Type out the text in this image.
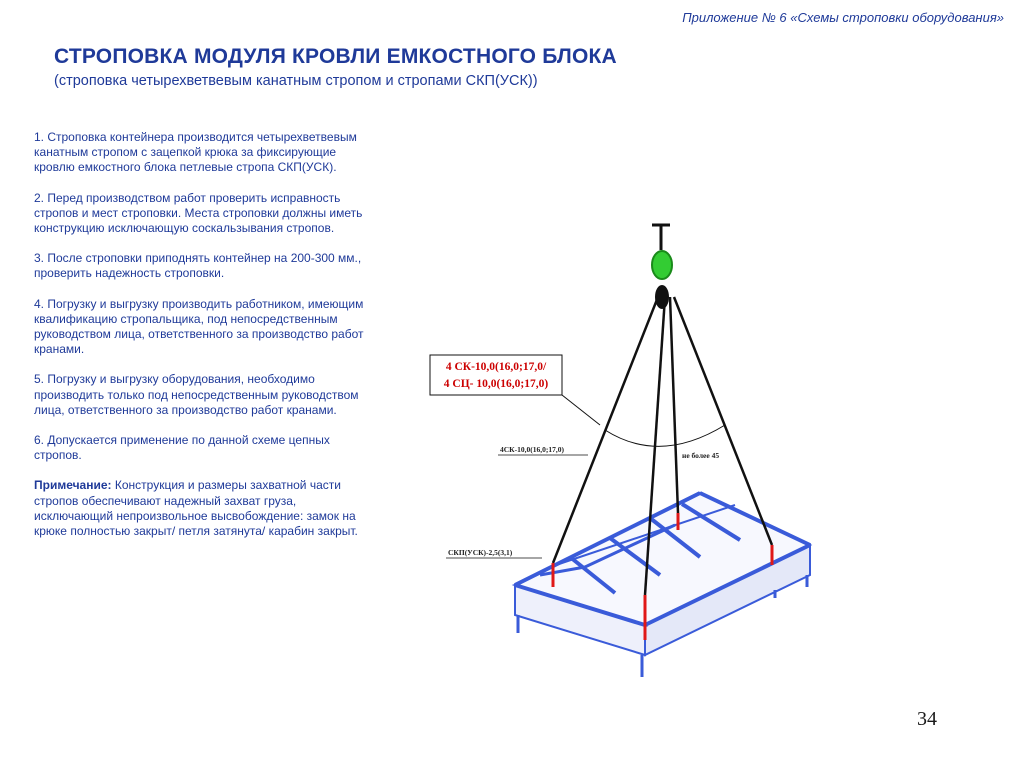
Приложение № 6 «Схемы строповки оборудования»
СТРОПОВКА МОДУЛЯ КРОВЛИ ЕМКОСТНОГО БЛОКА
(строповка четырехветвевым канатным стропом и стропами СКП(УСК))

1. Строповка контейнера производится четырехветвевым канатным стропом с зацепкой крюка за фиксирующие кровлю емкостного блока петлевые стропа СКП(УСК).

2. Перед производством работ проверить исправность стропов и мест строповки. Места строповки должны иметь конструкцию исключающую соскальзывания стропов.

3. После строповки приподнять контейнер на 200-300 мм., проверить надежность строповки.

4. Погрузку и выгрузку производить работником, имеющим квалификацию стропальщика, под непосредственным руководством лица, ответственного за производство работ кранами.

5. Погрузку и выгрузку оборудования, необходимо производить только под непосредственным руководством лица, ответственного за производство работ кранами.

6. Допускается применение по данной схеме цепных стропов.

Примечание: Конструкция и размеры захватной части стропов обеспечивают надежный захват груза, исключающий непроизвольное высвобождение: замок на крюке полностью закрыт/ петля затянута/ карабин закрыт.

не более 45
4 СК-10,0(16,0;17,0/
4 СЦ- 10,0(16,0;17,0)
4СК-10,0(16,0;17,0)
СКП(УСК)-2,5(3,1)
34
